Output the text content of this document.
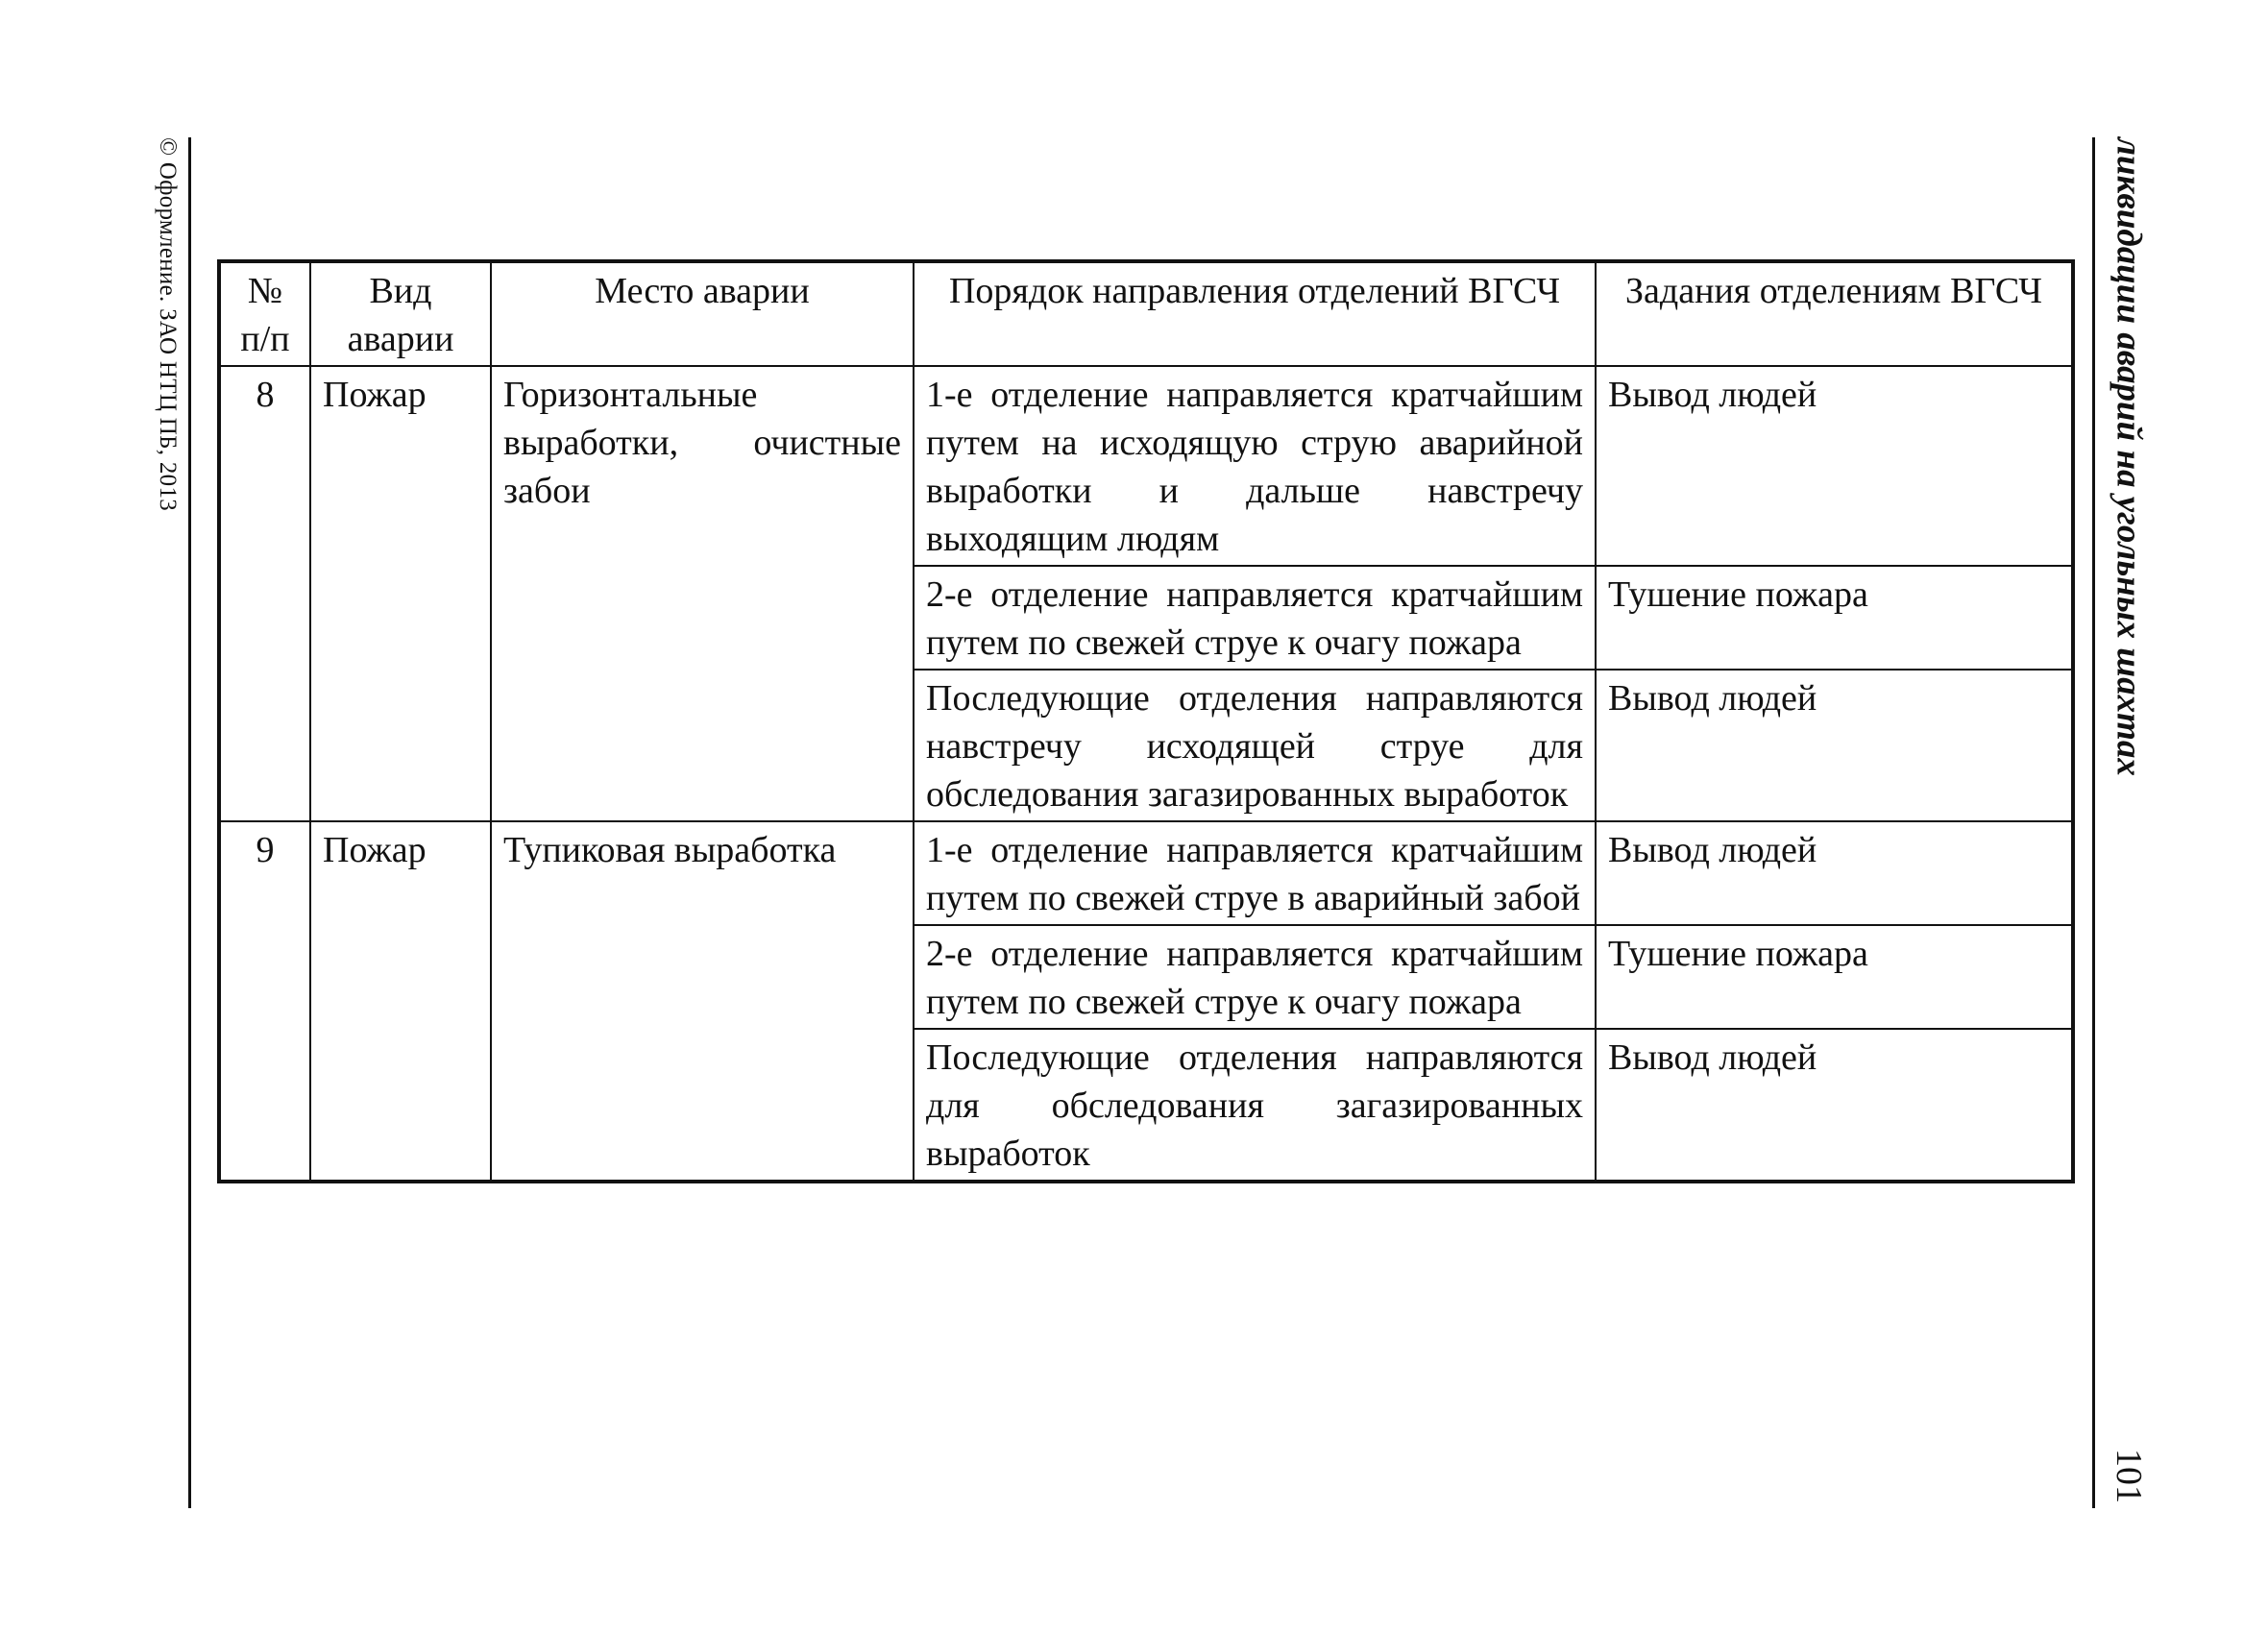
© Оформление. ЗАО НТЦ ПБ, 2013	ликвидации аварий на угольных шахтах
101
№ п/п	Вид аварии	Место аварии	Порядок направления отделений ВГСЧ	Задания отделениям ВГСЧ
8	Пожар	Горизонтальные выработки, очистные забои	1-е отделение направляется кратчайшим путем на исходящую струю аварийной выработки и дальше навстречу выходящим людям	Вывод людей
			2-е отделение направляется кратчайшим путем по свежей струе к очагу пожара	Тушение пожара
			Последующие отделения направляются навстречу исходящей струе для обследования загазированных выработок	Вывод людей
9	Пожар	Тупиковая выработка	1-е отделение направляется кратчайшим путем по свежей струе в аварийный забой	Вывод людей
			2-е отделение направляется кратчайшим путем по свежей струе к очагу пожара	Тушение пожара
			Последующие отделения направляются для обследования загазированных выработок	Вывод людей
